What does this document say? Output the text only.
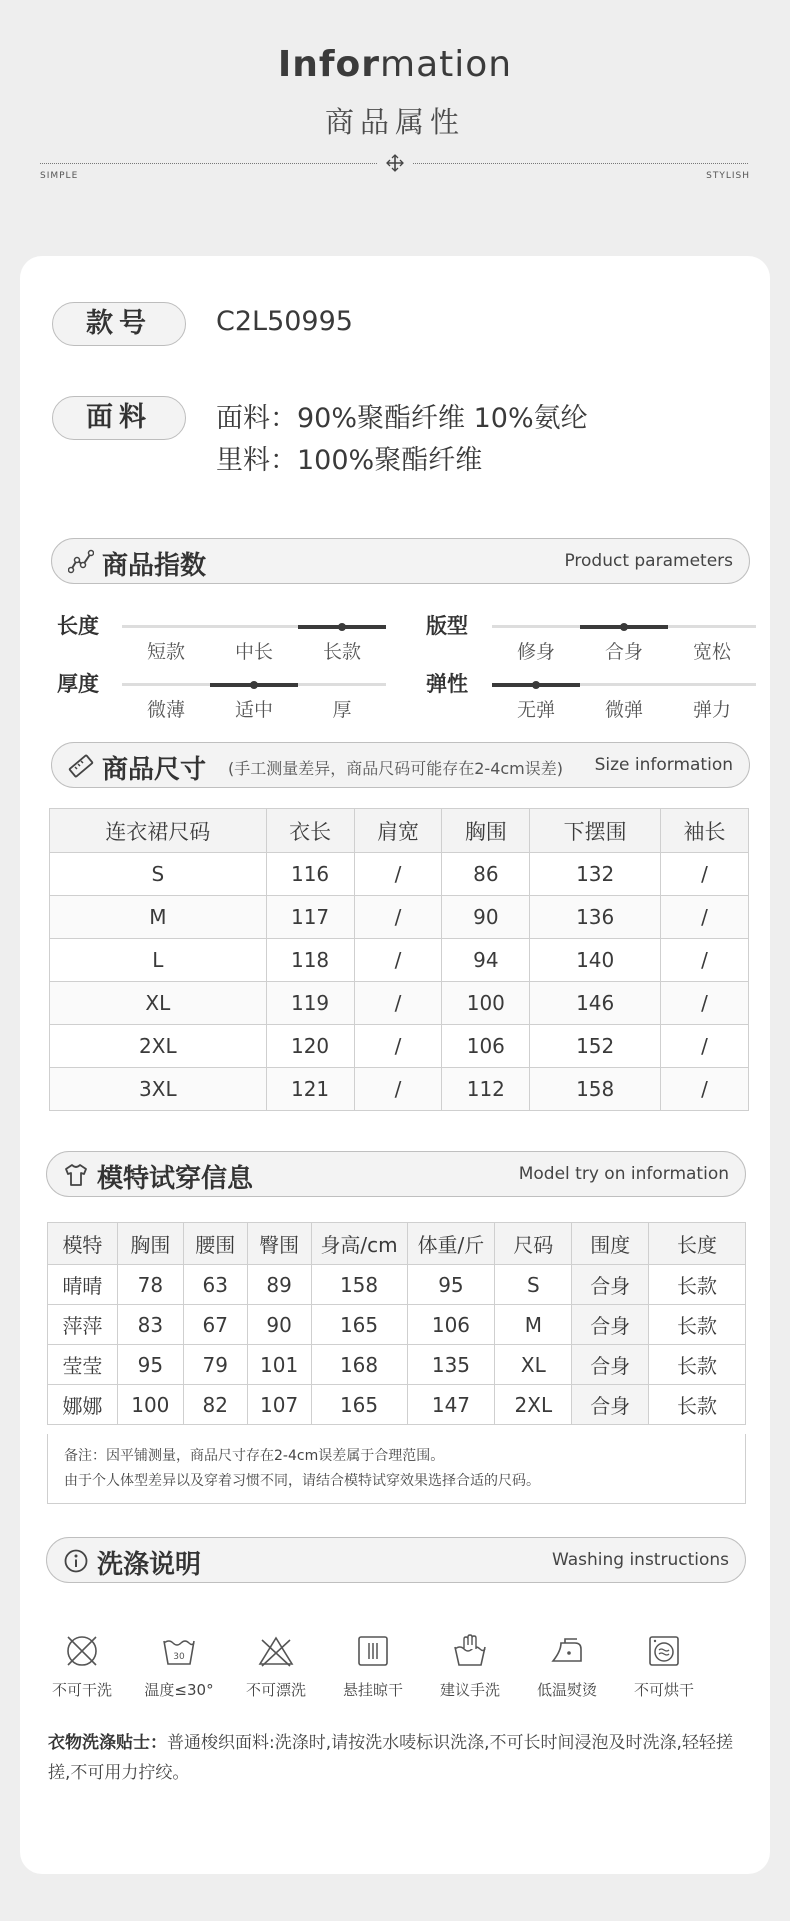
Information
商品属性
SIMPLE	STYLISH
款号	C2L50995
面料	面料：90%聚酯纤维 10%氨纶
里料：100%聚酯纤维
商品指数	Product parameters
长度
短款	中长	长款
版型
修身	合身	宽松
厚度
微薄	适中	厚
弹性
无弹	微弹	弹力
商品尺寸 (手工测量差异，商品尺码可能存在2-4cm误差) Size information
连衣裙尺码	衣长	肩宽	胸围	下摆围	袖长
S	116	/	86	132	/
M	117	/	90	136	/
L	118	/	94	140	/
XL	119	/	100	146	/
2XL	120	/	106	152	/
3XL	121	/	112	158	/
模特试穿信息	Model try on information
模特	胸围	腰围	臀围	身高/cm	体重/斤	尺码	围度	长度
晴晴	78	63	89	158	95	S	合身	长款
萍萍	83	67	90	165	106	M	合身	长款
莹莹	95	79	101	168	135	XL	合身	长款
娜娜	100	82	107	165	147	2XL	合身	长款
备注：因平铺测量，商品尺寸存在2-4cm误差属于合理范围。
由于个人体型差异以及穿着习惯不同，请结合模特试穿效果选择合适的尺码。
洗涤说明	Washing instructions
不可干洗
30
温度≤30°	不可漂洗	悬挂晾干	建议手洗	低温熨烫	不可烘干
衣物洗涤贴士：普通梭织面料:洗涤时,请按洗水唛标识洗涤,不可长时间浸泡及时洗涤,轻轻搓搓,不可用力拧绞。
